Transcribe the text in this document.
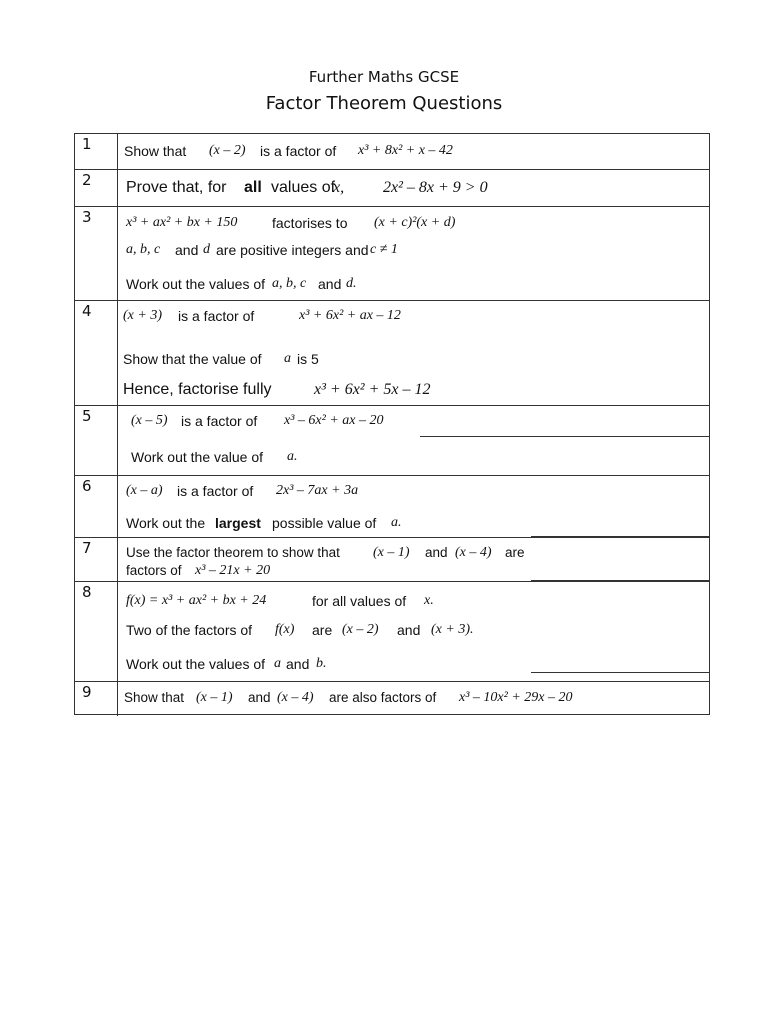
Further Maths GCSE
Factor Theorem Questions
1	Show that (x – 2) is a factor of x³ + 8x² + x – 42
2	Prove that, for all values of
x, 2x² – 8x + 9 > 0
3	x³ + ax² + bx + 150 factorises to (x + c)²(x + d)
a, b, c and d are positive integers and c ≠ 1
Work out the values of a, b, c and d.
4	(x + 3) is a factor of	x³ + 6x² + ax – 12
Show that the value of a is 5
Hence, factorise fully	x³ + 6x² + 5x – 12
5	(x – 5) is a factor of x³ – 6x² + ax – 20
Work out the value of a.
6	(x – a) is a factor of 2x³ – 7ax + 3a
Work out the largest possible value of a.
7	Use the factor theorem to show that (x – 1) and (x – 4) are
factors of x³ – 21x + 20
8	f(x) = x³ + ax² + bx + 24	for all values of x.
Two of the factors of f(x) are (x – 2) and (x + 3).
Work out the values of a and b.
9	Show that (x – 1) and (x – 4) are also factors of x³ – 10x² + 29x – 20
